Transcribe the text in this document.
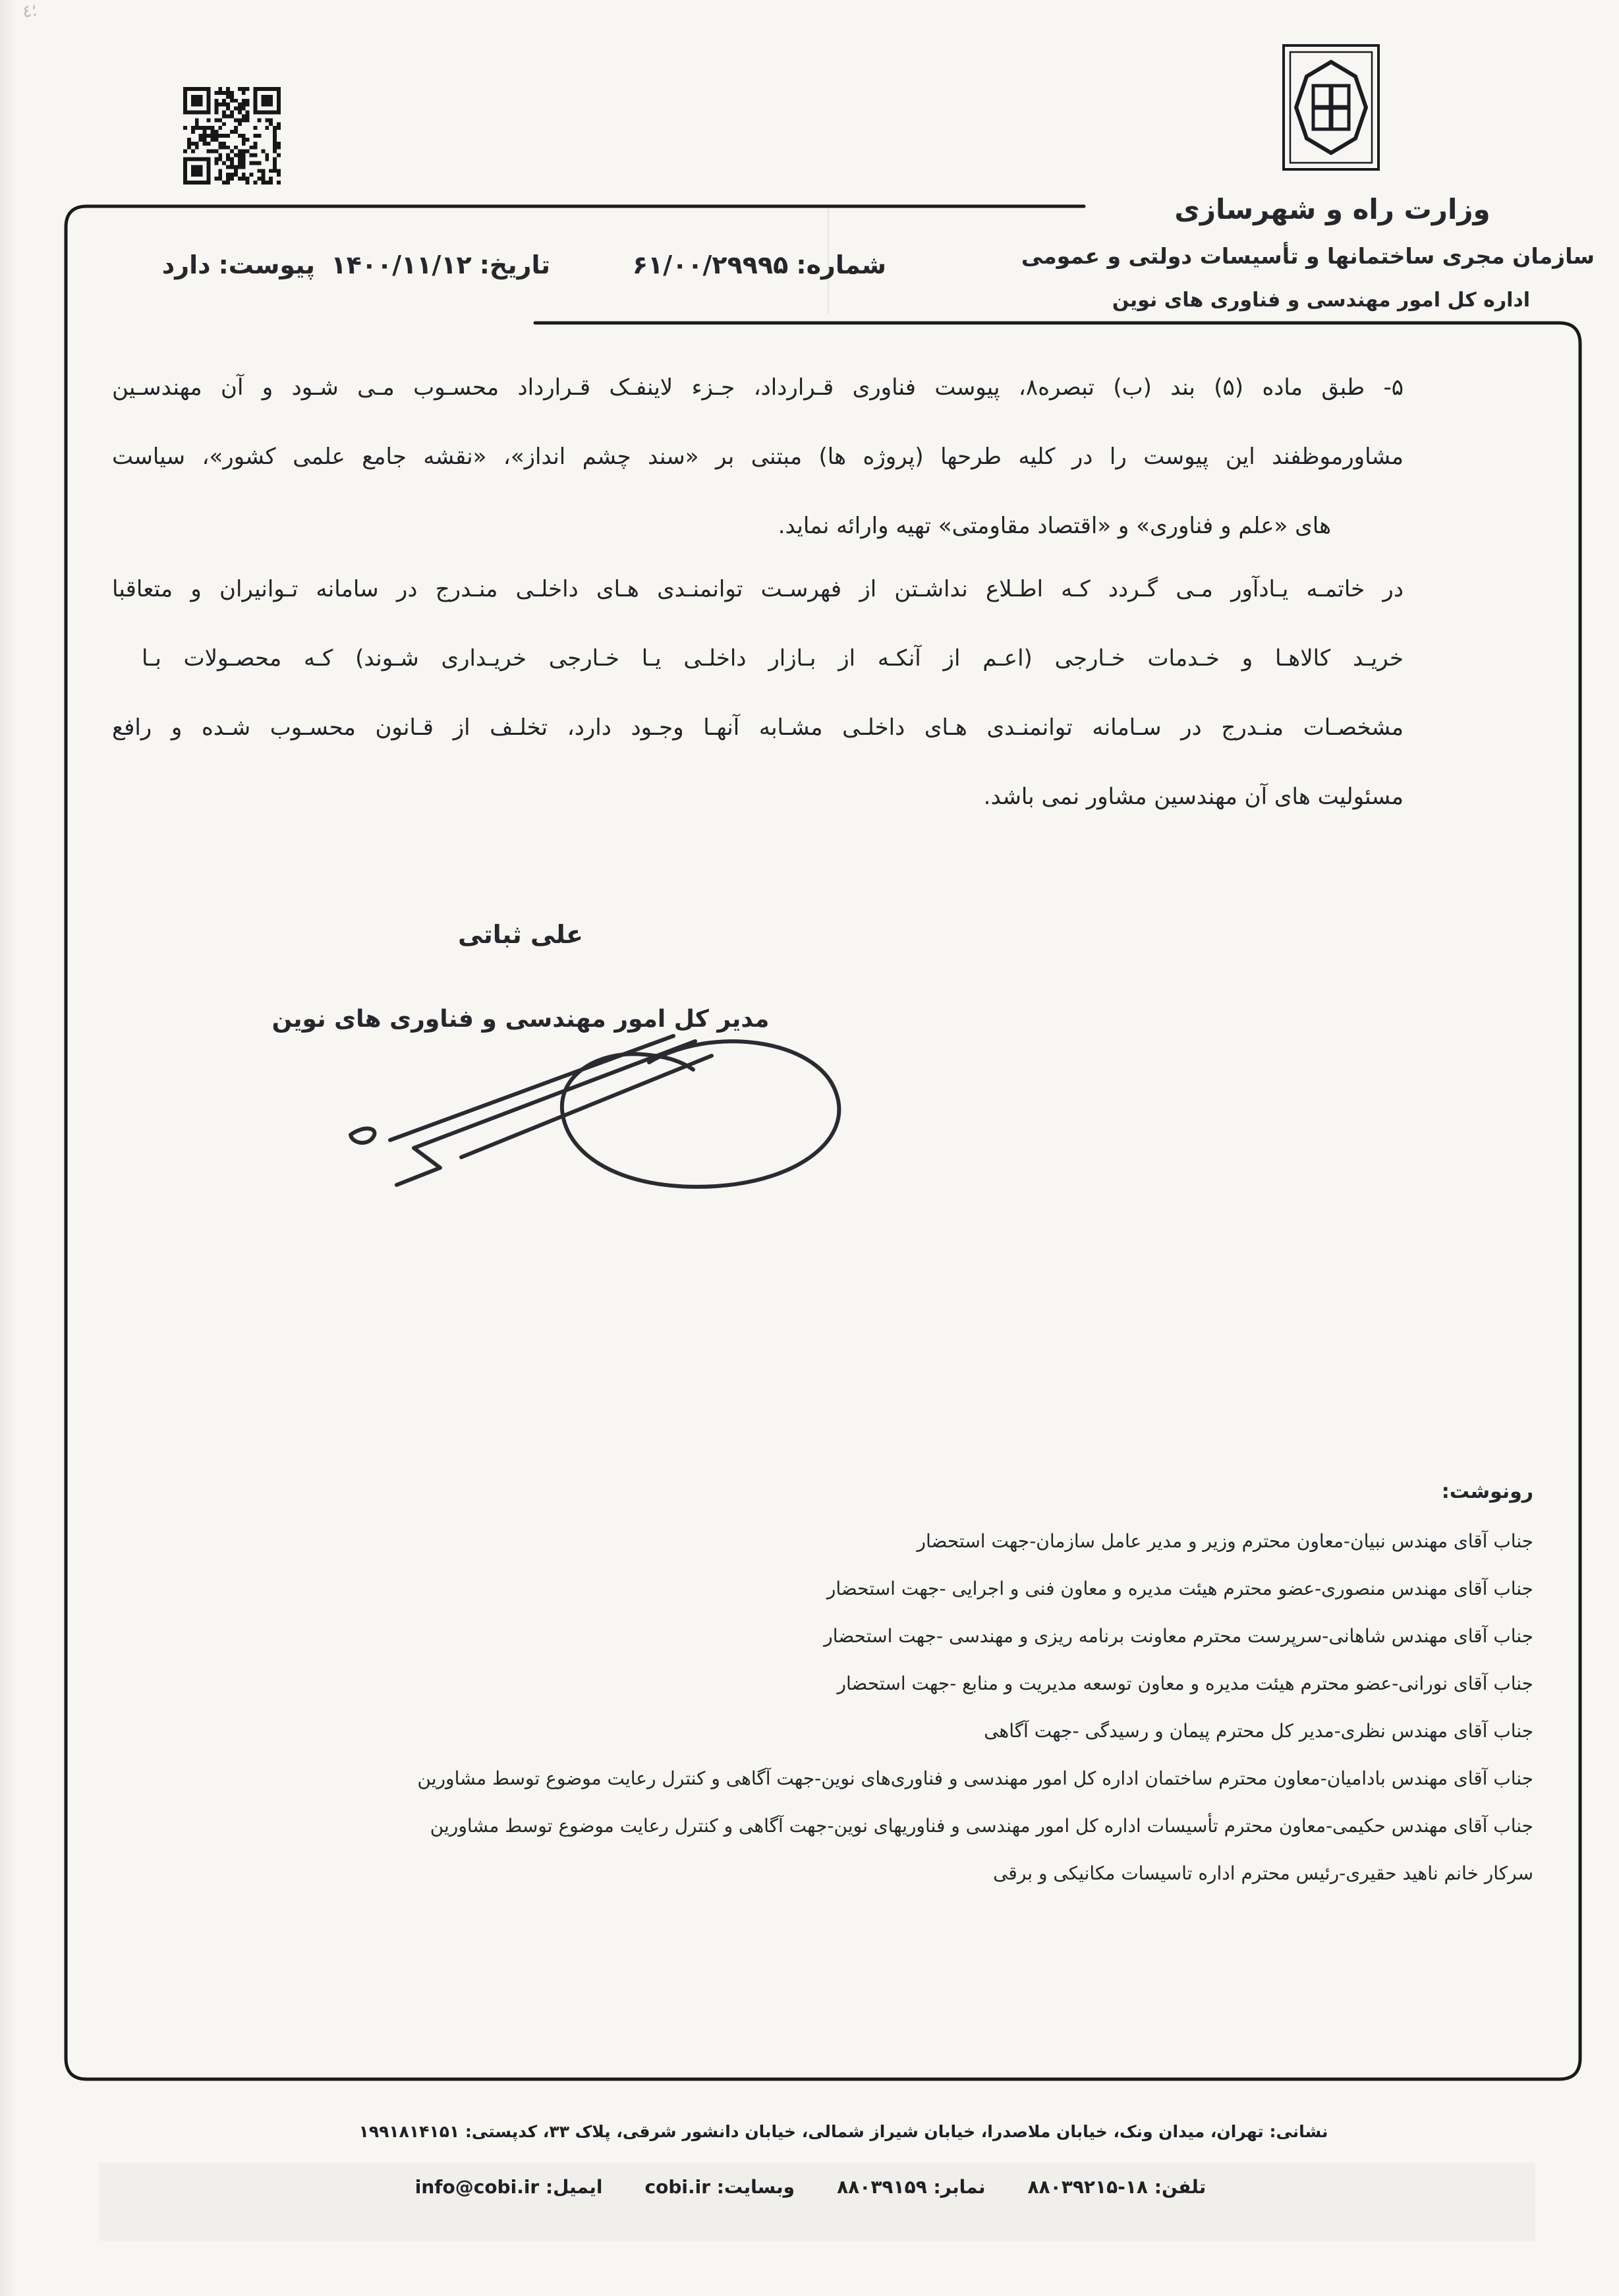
؛٤
وزارت راه و شهرسازی
سازمان مجری ساختمانها و تأسیسات دولتی و عمومی
اداره کل امور مهندسی و فناوری های نوین
شماره:۶۱/۰۰/۲۹۹۹۵
تاریخ:۱۴۰۰/۱۱/۱۲
پیوست:دارد
۵- طبق ماده (۵) بند (ب) تبصره۸، پیوست فناوری قـرارداد، جـزء لاینفـک قـرارداد محسـوب مـی شـود و آن مهندسـین
مشاورموظفند این پیوست را در کلیه طرحها (پروژه ها) مبتنی بر «سند چشم انداز»، «نقشه جامع علمی کشور»، سیاست
های «علم و فناوری» و «اقتصاد مقاومتی» تهیه وارائه نماید.
در خاتمـه یـادآور مـی گـردد کـه اطـلاع نداشـتن از فهرسـت توانمنـدی هـای داخلـی منـدرج در سامانه تـوانیران و متعاقبا
خریـد کالاهـا و خـدمات خـارجی (اعـم از آنکـه از بـازار داخلـی یـا خـارجی خریـداری شـوند) کـه محصـولات بـا
مشخصـات منـدرج در سـامانه توانمنـدی هـای داخلـی مشـابه آنهـا وجـود دارد، تخلـف از قـانون محسـوب شـده و رافع
مسئولیت های آن مهندسین مشاور نمی باشد.
علی ثباتی
مدیر کل امور مهندسی و فناوری های نوین
رونوشت:
جناب آقای مهندس نبیان-معاون محترم وزیر و مدیر عامل سازمان-جهت استحضار
جناب آقای مهندس منصوری-عضو محترم هیئت مدیره و معاون فنی و اجرایی -جهت استحضار
جناب آقای مهندس شاهانی-سرپرست محترم معاونت برنامه ریزی و مهندسی -جهت استحضار
جناب آقای نورانی-عضو محترم هیئت مدیره و معاون توسعه مدیریت و منابع -جهت استحضار
جناب آقای مهندس نظری-مدیر کل محترم پیمان و رسیدگی -جهت آگاهی
جناب آقای مهندس بادامیان-معاون محترم ساختمان اداره کل امور مهندسی و فناوری‌های نوین-جهت آگاهی و کنترل رعایت موضوع توسط مشاورین
جناب آقای مهندس حکیمی-معاون محترم تأسیسات اداره کل امور مهندسی و فناوریهای نوین-جهت آگاهی و کنترل رعایت موضوع توسط مشاورین
سرکار خانم ناهید حقیری-رئیس محترم اداره تاسیسات مکانیکی و برقی
نشانی: تهران، میدان ونک، خیابان ملاصدرا، خیابان شیراز شمالی، خیابان دانشور شرقی، پلاک ۳۳، کدپستی: ۱۹۹۱۸۱۴۱۵۱
تلفن: ۱۸-۸۸۰۳۹۲۱۵
نمابر: ۸۸۰۳۹۱۵۹
وبسایت: cobi.ir
ایمیل: info@cobi.ir
